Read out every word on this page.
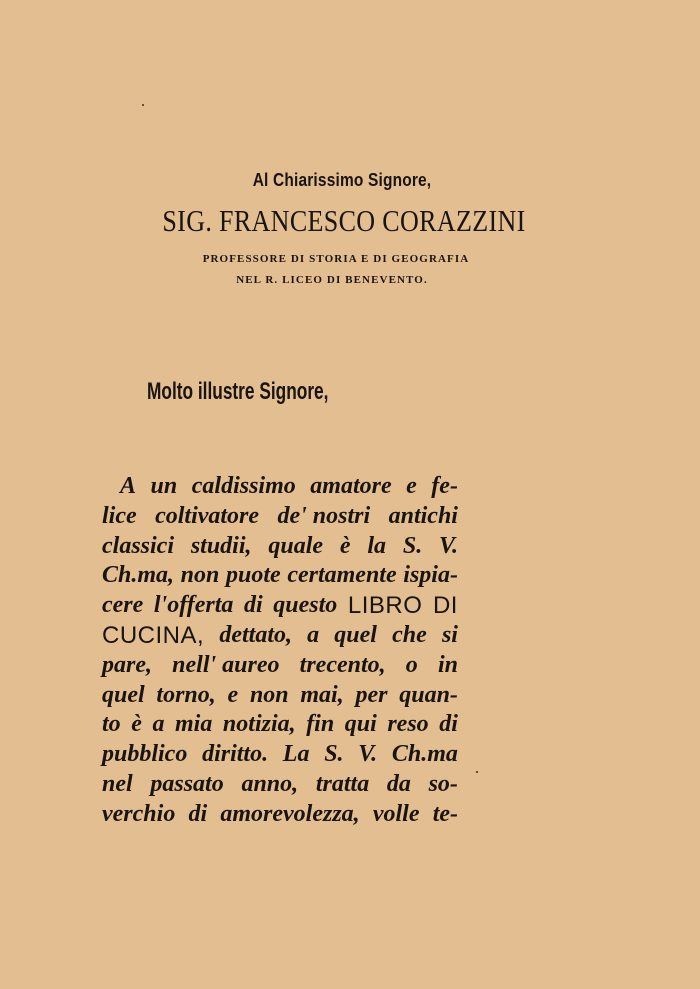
Al Chiarissimo Signore,
SIG. FRANCESCO CORAZZINI
PROFESSORE DI STORIA E DI GEOGRAFIA
NEL R. LICEO DI BENEVENTO.
Molto illustre Signore,
A un caldissimo amatore e fe-
lice coltivatore de' nostri antichi
classici studii, quale è la S. V.
Ch.ma, non puote certamente ispia-
cere l'offerta di questo LIBRO DI
CUCINA, dettato, a quel che si
pare, nell' aureo trecento, o in
quel torno, e non mai, per quan-
to è a mia notizia, fin qui reso di
pubblico diritto. La S. V. Ch.ma
nel passato anno, tratta da so-
verchio di amorevolezza, volle te-
